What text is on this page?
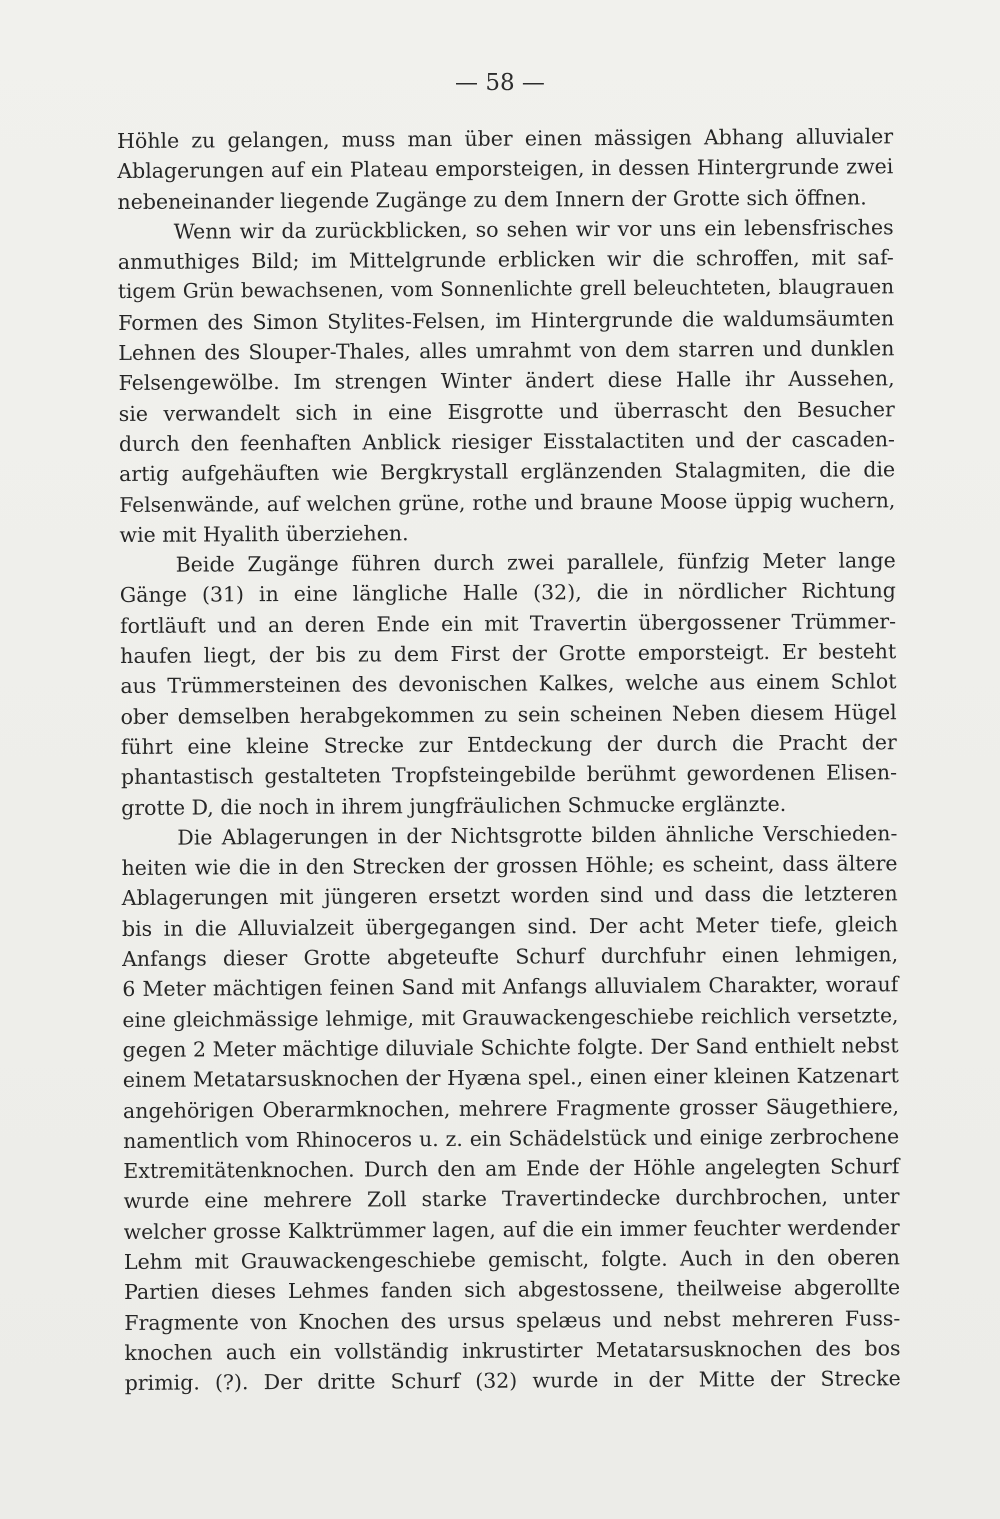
— 58 —

Höhle zu gelangen, muss man über einen mässigen Abhang alluvialer
Ablagerungen auf ein Plateau emporsteigen, in dessen Hintergrunde zwei
nebeneinander liegende Zugänge zu dem Innern der Grotte sich öffnen.

Wenn wir da zurückblicken, so sehen wir vor uns ein lebensfrisches
anmuthiges Bild; im Mittelgrunde erblicken wir die schroffen, mit saf-
tigem Grün bewachsenen, vom Sonnenlichte grell beleuchteten, blaugrauen
Formen des Simon Stylites-Felsen, im Hintergrunde die waldumsäumten
Lehnen des Slouper-Thales, alles umrahmt von dem starren und dunklen
Felsengewölbe. Im strengen Winter ändert diese Halle ihr Aussehen,
sie verwandelt sich in eine Eisgrotte und überrascht den Besucher
durch den feenhaften Anblick riesiger Eisstalactiten und der cascaden-
artig aufgehäuften wie Bergkrystall erglänzenden Stalagmiten, die die
Felsenwände, auf welchen grüne, rothe und braune Moose üppig wuchern,
wie mit Hyalith überziehen.

Beide Zugänge führen durch zwei parallele, fünfzig Meter lange
Gänge (31) in eine längliche Halle (32), die in nördlicher Richtung
fortläuft und an deren Ende ein mit Travertin übergossener Trümmer-
haufen liegt, der bis zu dem First der Grotte emporsteigt. Er besteht
aus Trümmersteinen des devonischen Kalkes, welche aus einem Schlot
ober demselben herabgekommen zu sein scheinen Neben diesem Hügel
führt eine kleine Strecke zur Entdeckung der durch die Pracht der
phantastisch gestalteten Tropfsteingebilde berühmt gewordenen Elisen-
grotte D, die noch in ihrem jungfräulichen Schmucke erglänzte.

Die Ablagerungen in der Nichtsgrotte bilden ähnliche Verschieden-
heiten wie die in den Strecken der grossen Höhle; es scheint, dass ältere
Ablagerungen mit jüngeren ersetzt worden sind und dass die letzteren
bis in die Alluvialzeit übergegangen sind. Der acht Meter tiefe, gleich
Anfangs dieser Grotte abgeteufte Schurf durchfuhr einen lehmigen,
6 Meter mächtigen feinen Sand mit Anfangs alluvialem Charakter, worauf
eine gleichmässige lehmige, mit Grauwackengeschiebe reichlich versetzte,
gegen 2 Meter mächtige diluviale Schichte folgte. Der Sand enthielt nebst
einem Metatarsusknochen der Hyæna spel., einen einer kleinen Katzenart
angehörigen Oberarmknochen, mehrere Fragmente grosser Säugethiere,
namentlich vom Rhinoceros u. z. ein Schädelstück und einige zerbrochene
Extremitätenknochen. Durch den am Ende der Höhle angelegten Schurf
wurde eine mehrere Zoll starke Travertindecke durchbrochen, unter
welcher grosse Kalktrümmer lagen, auf die ein immer feuchter werdender
Lehm mit Grauwackengeschiebe gemischt, folgte. Auch in den oberen
Partien dieses Lehmes fanden sich abgestossene, theilweise abgerollte
Fragmente von Knochen des ursus spelæus und nebst mehreren Fuss-
knochen auch ein vollständig inkrustirter Metatarsusknochen des bos
primig. (?). Der dritte Schurf (32) wurde in der Mitte der Strecke
